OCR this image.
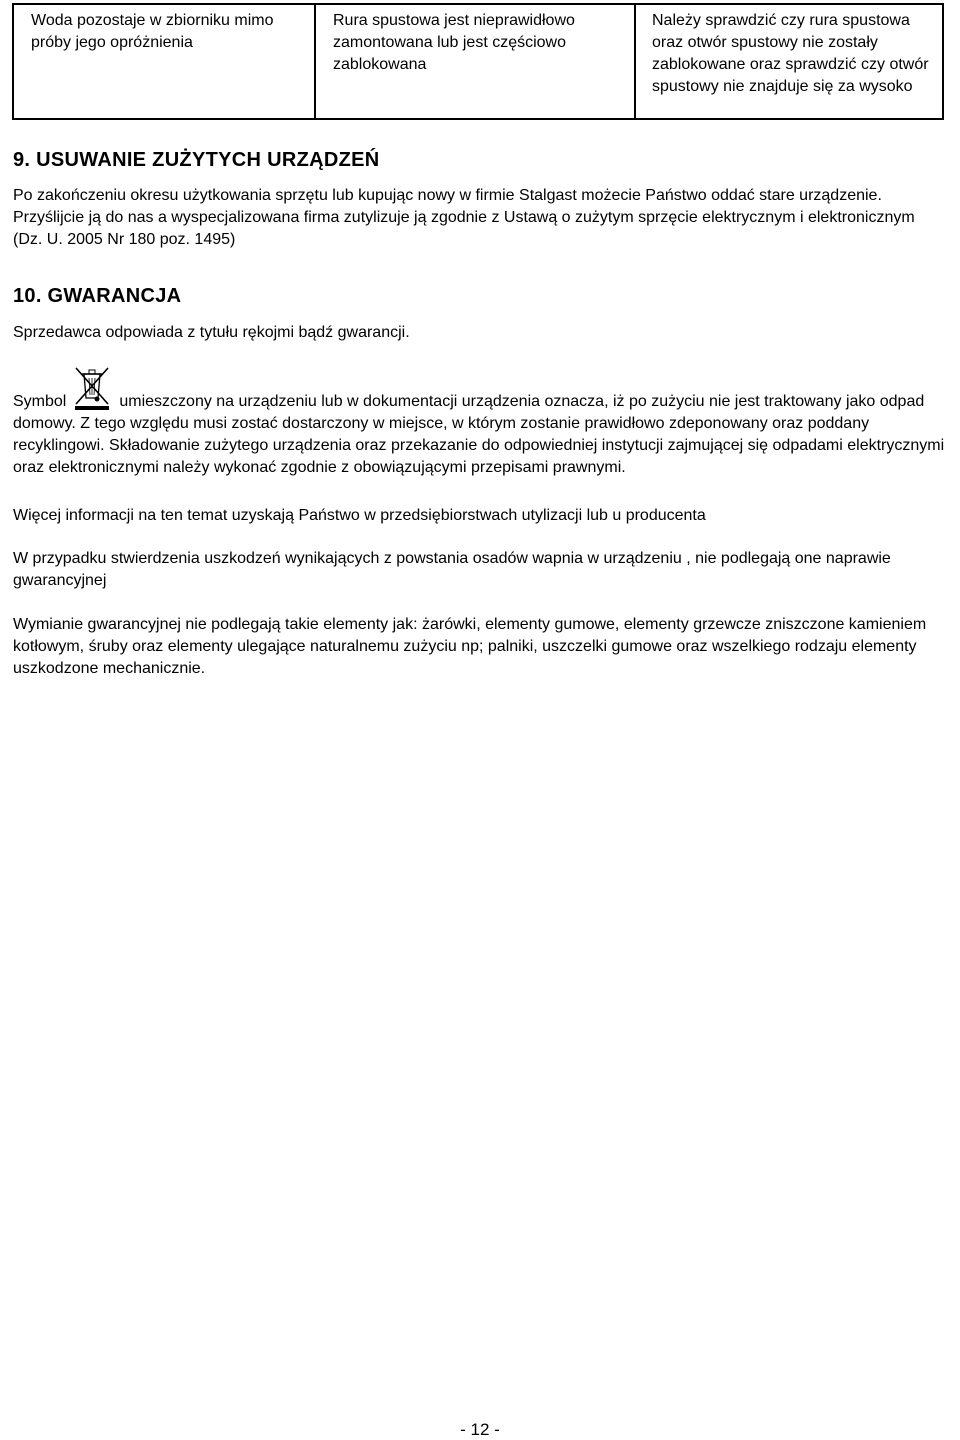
Woda pozostaje w zbiorniku mimo próby jego opróżnienia
Rura spustowa jest nieprawidłowo zamontowana lub jest częściowo zablokowana
Należy sprawdzić czy rura spustowa oraz otwór spustowy nie zostały zablokowane oraz sprawdzić czy otwór spustowy nie znajduje się za wysoko
9. USUWANIE ZUŻYTYCH URZĄDZEŃ

Po zakończeniu okresu użytkowania sprzętu lub kupując nowy w firmie Stalgast możecie Państwo oddać stare urządzenie. Przyślijcie ją do nas a wyspecjalizowana firma zutylizuje ją zgodnie z Ustawą o zużytym sprzęcie elektrycznym i elektronicznym (Dz. U. 2005 Nr 180 poz. 1495)

10. GWARANCJA

Sprzedawca odpowiada z tytułu rękojmi bądź gwarancji.

Symbol	umieszczony na urządzeniu lub w dokumentacji urządzenia oznacza, iż po zużyciu nie jest traktowany jako odpad domowy. Z tego względu musi zostać dostarczony w miejsce, w którym zostanie prawidłowo zdeponowany oraz poddany recyklingowi. Składowanie zużytego urządzenia oraz przekazanie do odpowiedniej instytucji zajmującej się odpadami elektrycznymi oraz elektronicznymi należy wykonać zgodnie z obowiązującymi przepisami prawnymi.

Więcej informacji na ten temat uzyskają Państwo w przedsiębiorstwach utylizacji lub u producenta

W przypadku stwierdzenia uszkodzeń wynikających z powstania osadów wapnia w urządzeniu , nie podlegają one naprawie gwarancyjnej

Wymianie gwarancyjnej nie podlegają takie elementy jak: żarówki, elementy gumowe, elementy grzewcze zniszczone kamieniem kotłowym, śruby oraz elementy ulegające naturalnemu zużyciu np; palniki, uszczelki gumowe oraz wszelkiego rodzaju elementy uszkodzone mechanicznie.

- 12 -
